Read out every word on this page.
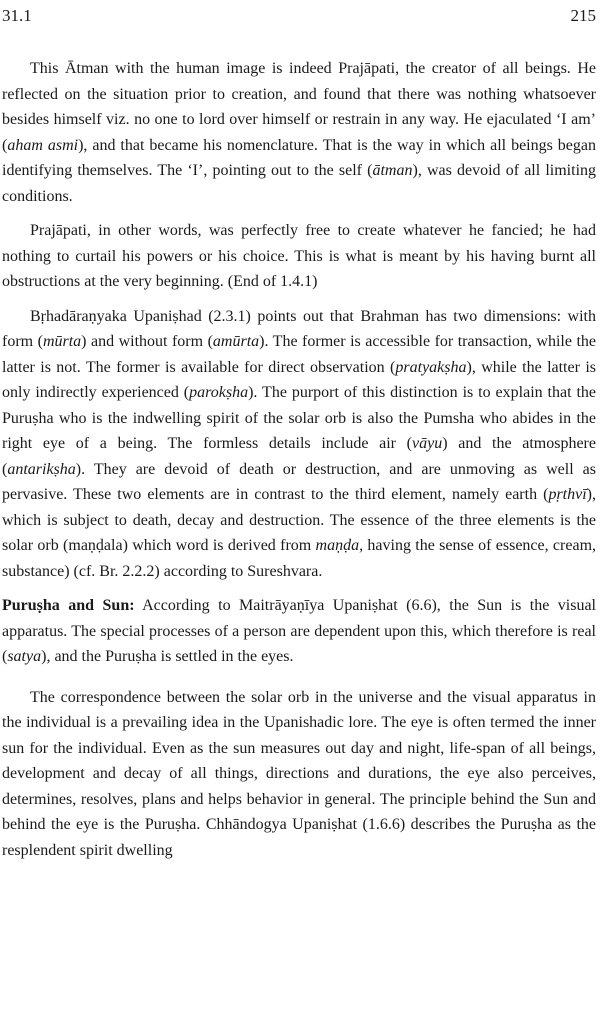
31.1	215

This Ātman with the human image is indeed Prajāpati, the creator of all beings. He reflected on the situation prior to creation, and found that there was nothing whatsoever besides himself viz. no one to lord over himself or restrain in any way. He ejaculated ‘I am’ (aham asmi), and that became his nomenclature. That is the way in which all beings began identifying themselves. The ‘I’, pointing out to the self (ātman), was devoid of all limiting conditions.

Prajāpati, in other words, was perfectly free to create whatever he fancied; he had nothing to curtail his powers or his choice. This is what is meant by his having burnt all obstructions at the very beginning. (End of 1.4.1)

Bṛhadāraṇyaka Upaniṣhad (2.3.1) points out that Brahman has two dimensions: with form (mūrta) and without form (amūrta). The former is accessible for transaction, while the latter is not. The former is available for direct observation (pratyakṣha), while the latter is only indirectly experienced (parokṣha). The purport of this distinction is to explain that the Puruṣha who is the indwelling spirit of the solar orb is also the Pumsha who abides in the right eye of a being. The formless details include air (vāyu) and the atmosphere (antarikṣha). They are devoid of death or destruction, and are unmoving as well as pervasive. These two elements are in contrast to the third element, namely earth (pṛthvī), which is subject to death, decay and destruction. The essence of the three elements is the solar orb (maṇḍala) which word is derived from maṇḍa, having the sense of essence, cream, substance) (cf. Br. 2.2.2) according to Sureshvara.

Puruṣha and Sun: According to Maitrāyaṇīya Upaniṣhat (6.6), the Sun is the visual apparatus. The special processes of a person are dependent upon this, which therefore is real (satya), and the Puruṣha is settled in the eyes.

The correspondence between the solar orb in the universe and the visual apparatus in the individual is a prevailing idea in the Upanishadic lore. The eye is often termed the inner sun for the individual. Even as the sun measures out day and night, life-span of all beings, development and decay of all things, directions and durations, the eye also perceives, determines, resolves, plans and helps behavior in general. The principle behind the Sun and behind the eye is the Puruṣha. Chhāndogya Upaniṣhat (1.6.6) describes the Puruṣha as the resplendent spirit dwelling
